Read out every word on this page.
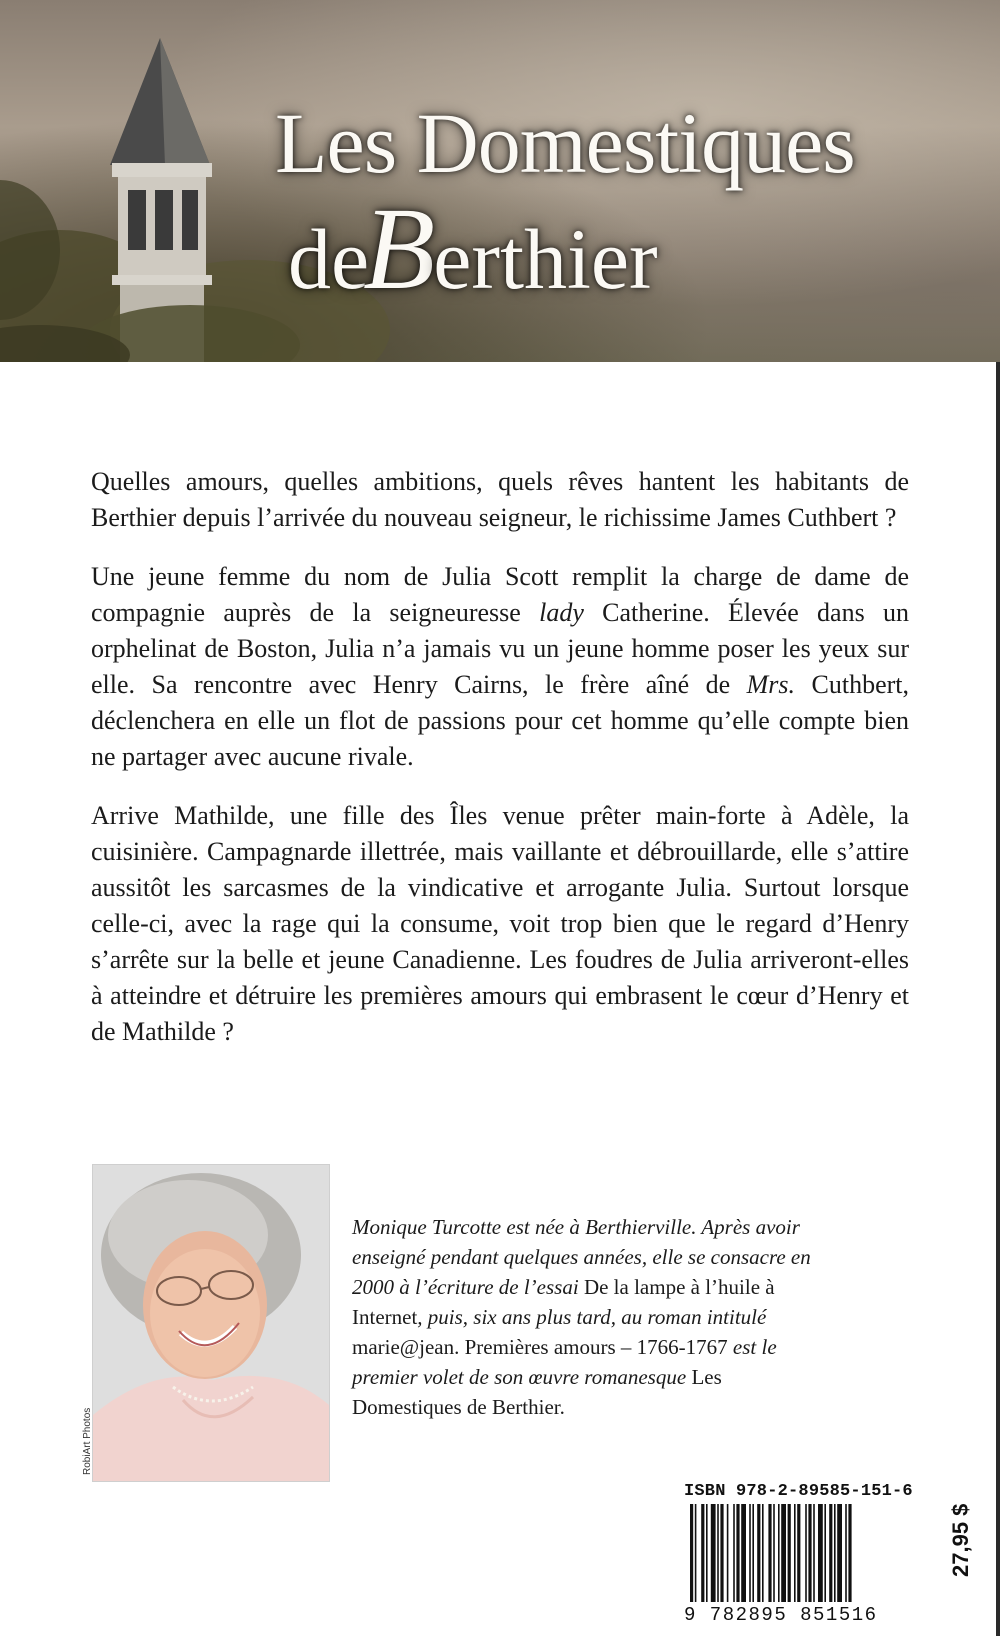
Les Domestiques
deBerthier

Quelles amours, quelles ambitions, quels rêves hantent les habitants de Berthier depuis l’arrivée du nouveau seigneur, le richissime James Cuthbert ?

Une jeune femme du nom de Julia Scott remplit la charge de dame de compagnie auprès de la seigneuresse lady Catherine. Élevée dans un orphelinat de Boston, Julia n’a jamais vu un jeune homme poser les yeux sur elle. Sa rencontre avec Henry Cairns, le frère aîné de Mrs. Cuthbert, déclenchera en elle un flot de passions pour cet homme qu’elle compte bien ne partager avec aucune rivale.

Arrive Mathilde, une fille des Îles venue prêter main-forte à Adèle, la cuisinière. Campagnarde illettrée, mais vaillante et débrouillarde, elle s’attire aussitôt les sarcasmes de la vindicative et arrogante Julia. Surtout lorsque celle-ci, avec la rage qui la consume, voit trop bien que le regard d’Henry s’arrête sur la belle et jeune Canadienne. Les foudres de Julia arriveront-elles à atteindre et détruire les premières amours qui embrasent le cœur d’Henry et de Mathilde ?

RobiArt Photos
Monique Turcotte est née à Berthierville. Après avoir enseigné pendant quelques années, elle se consacre en 2000 à l’écriture de l’essai De la lampe à l’huile à Internet, puis, six ans plus tard, au roman intitulé marie@jean. Premières amours – 1766-1767 est le premier volet de son œuvre romanesque Les Domestiques de Berthier.
ISBN 978-2-89585-151-6
9 782895 851516
27,95 $
